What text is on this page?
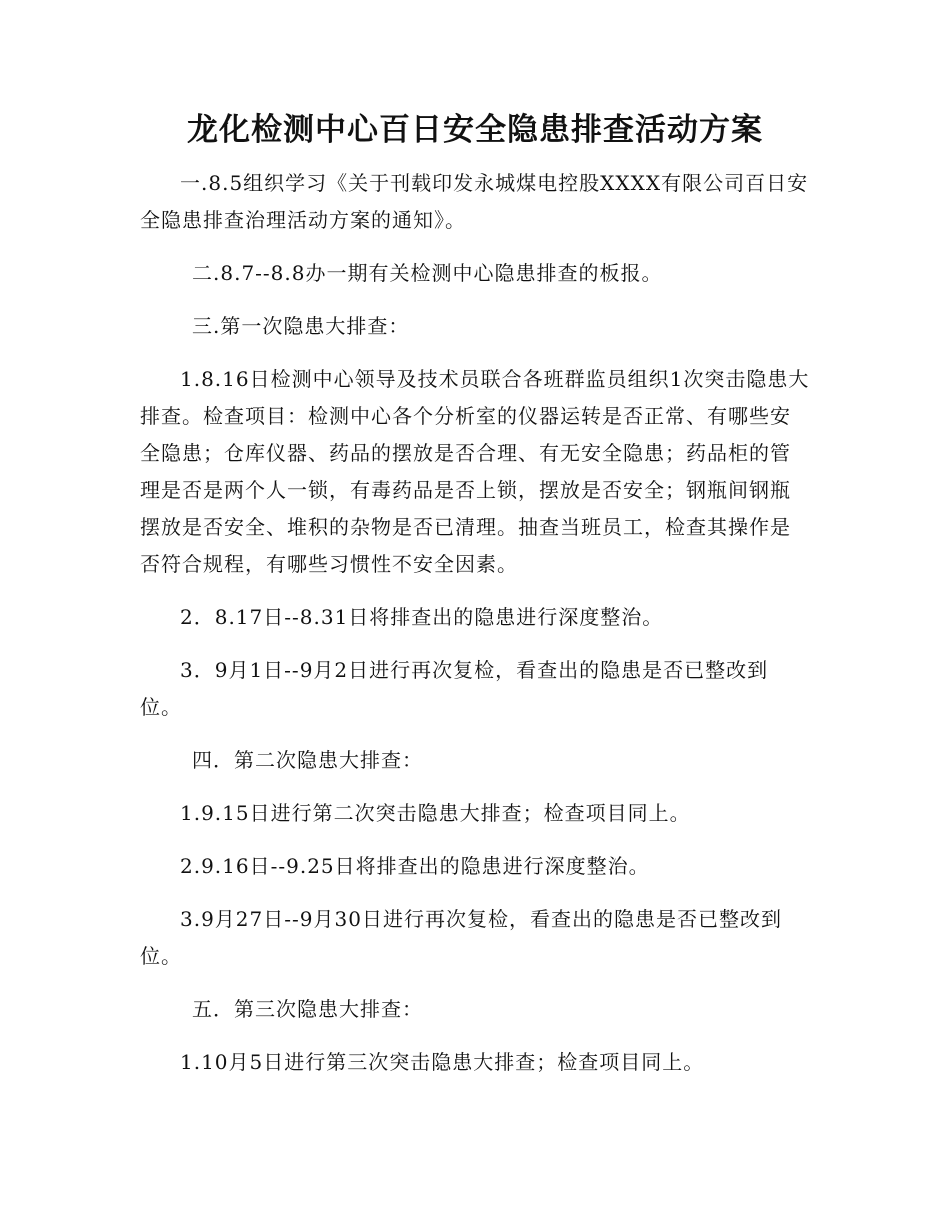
龙化检测中心百日安全隐患排查活动方案

一.8.5组织学习《关于刊载印发永城煤电控股XXXX有限公司百日安全隐患排查治理活动方案的通知》。

二.8.7--8.8办一期有关检测中心隐患排查的板报。

三.第一次隐患大排查：

1.8.16日检测中心领导及技术员联合各班群监员组织1次突击隐患大排查。检查项目：检测中心各个分析室的仪器运转是否正常、有哪些安全隐患；仓库仪器、药品的摆放是否合理、有无安全隐患；药品柜的管理是否是两个人一锁，有毒药品是否上锁，摆放是否安全；钢瓶间钢瓶摆放是否安全、堆积的杂物是否已清理。抽查当班员工，检查其操作是否符合规程，有哪些习惯性不安全因素。

2．8.17日--8.31日将排查出的隐患进行深度整治。

3．9月1日--9月2日进行再次复检，看查出的隐患是否已整改到位。

四．第二次隐患大排查：

1.9.15日进行第二次突击隐患大排查；检查项目同上。

2.9.16日--9.25日将排查出的隐患进行深度整治。

3.9月27日--9月30日进行再次复检，看查出的隐患是否已整改到位。

五．第三次隐患大排查：

1.10月5日进行第三次突击隐患大排查；检查项目同上。
